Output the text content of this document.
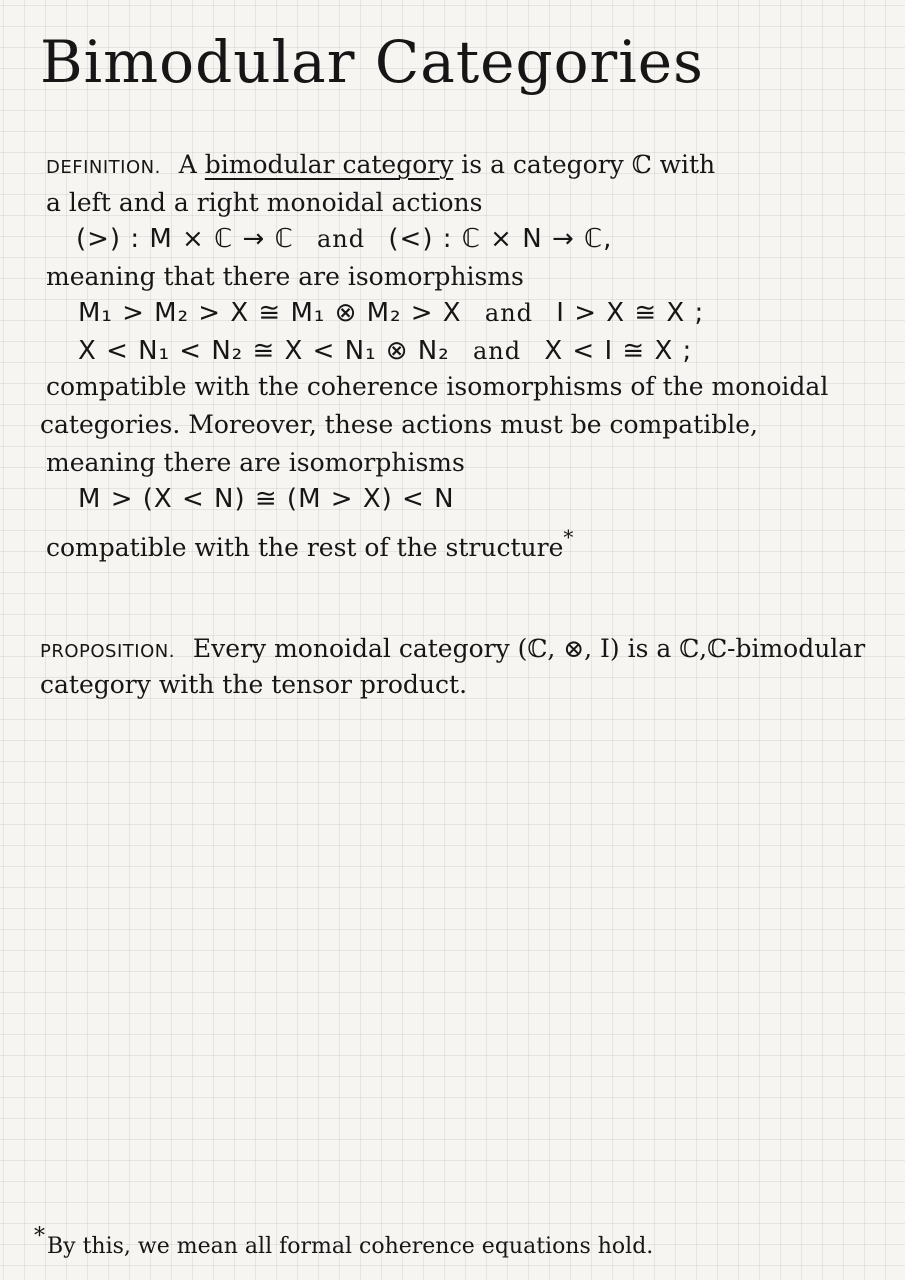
Bimodular Categories
DEFINITION. A bimodular category is a category ℂ with
a left and a right monoidal actions
(>) : M × ℂ → ℂ and (<) : ℂ × N → ℂ,
meaning that there are isomorphisms
M₁ > M₂ > X ≅ M₁ ⊗ M₂ > X and I > X ≅ X ;
X < N₁ < N₂ ≅ X < N₁ ⊗ N₂ and X < I ≅ X ;
compatible with the coherence isomorphisms of the monoidal
categories. Moreover, these actions must be compatible,
meaning there are isomorphisms
M > (X < N) ≅ (M > X) < N
compatible with the rest of the structure*
PROPOSITION. Every monoidal category (ℂ, ⊗, I) is a ℂ,ℂ-bimodular
category with the tensor product.
*By this, we mean all formal coherence equations hold.
